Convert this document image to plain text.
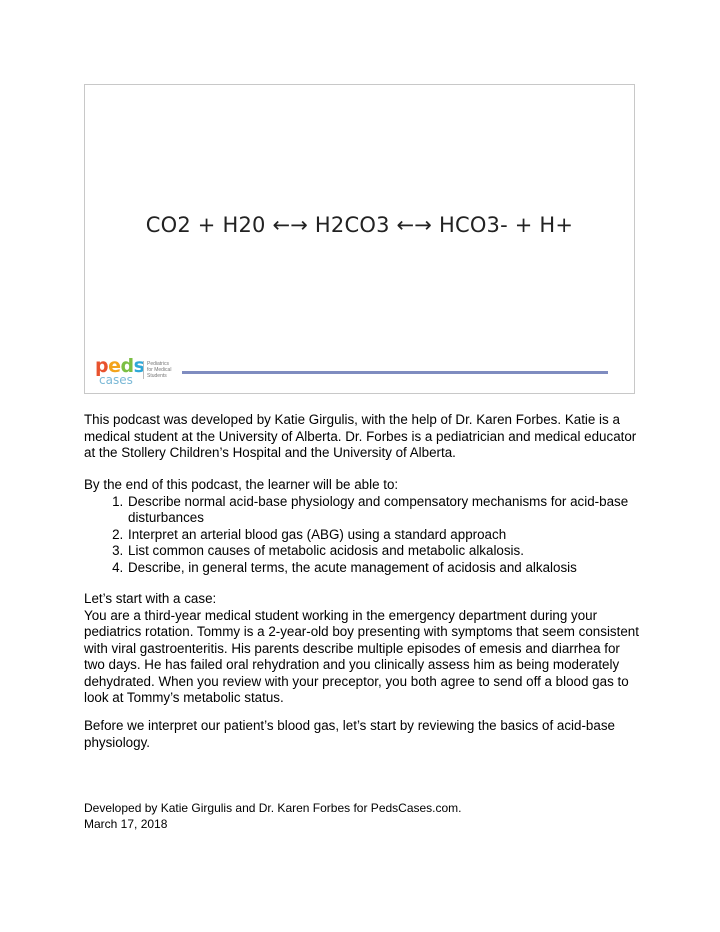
CO2 + H20 ←→ H2CO3 ←→ HCO3- + H+
peds
cases
Pediatrics
for Medical
Students

This podcast was developed by Katie Girgulis, with the help of Dr. Karen Forbes. Katie is a medical student at the University of Alberta. Dr. Forbes is a pediatrician and medical educator at the Stollery Children’s Hospital and the University of Alberta.

By the end of this podcast, the learner will be able to:

1. Describe normal acid-base physiology and compensatory mechanisms for acid-base disturbances
2. Interpret an arterial blood gas (ABG) using a standard approach
3. List common causes of metabolic acidosis and metabolic alkalosis.
4. Describe, in general terms, the acute management of acidosis and alkalosis

Let’s start with a case:

You are a third-year medical student working in the emergency department during your pediatrics rotation. Tommy is a 2-year-old boy presenting with symptoms that seem consistent with viral gastroenteritis. His parents describe multiple episodes of emesis and diarrhea for two days. He has failed oral rehydration and you clinically assess him as being moderately dehydrated. When you review with your preceptor, you both agree to send off a blood gas to look at Tommy’s metabolic status.

Before we interpret our patient’s blood gas, let’s start by reviewing the basics of acid-base physiology.

Developed by Katie Girgulis and Dr. Karen Forbes for PedsCases.com.
March 17, 2018
